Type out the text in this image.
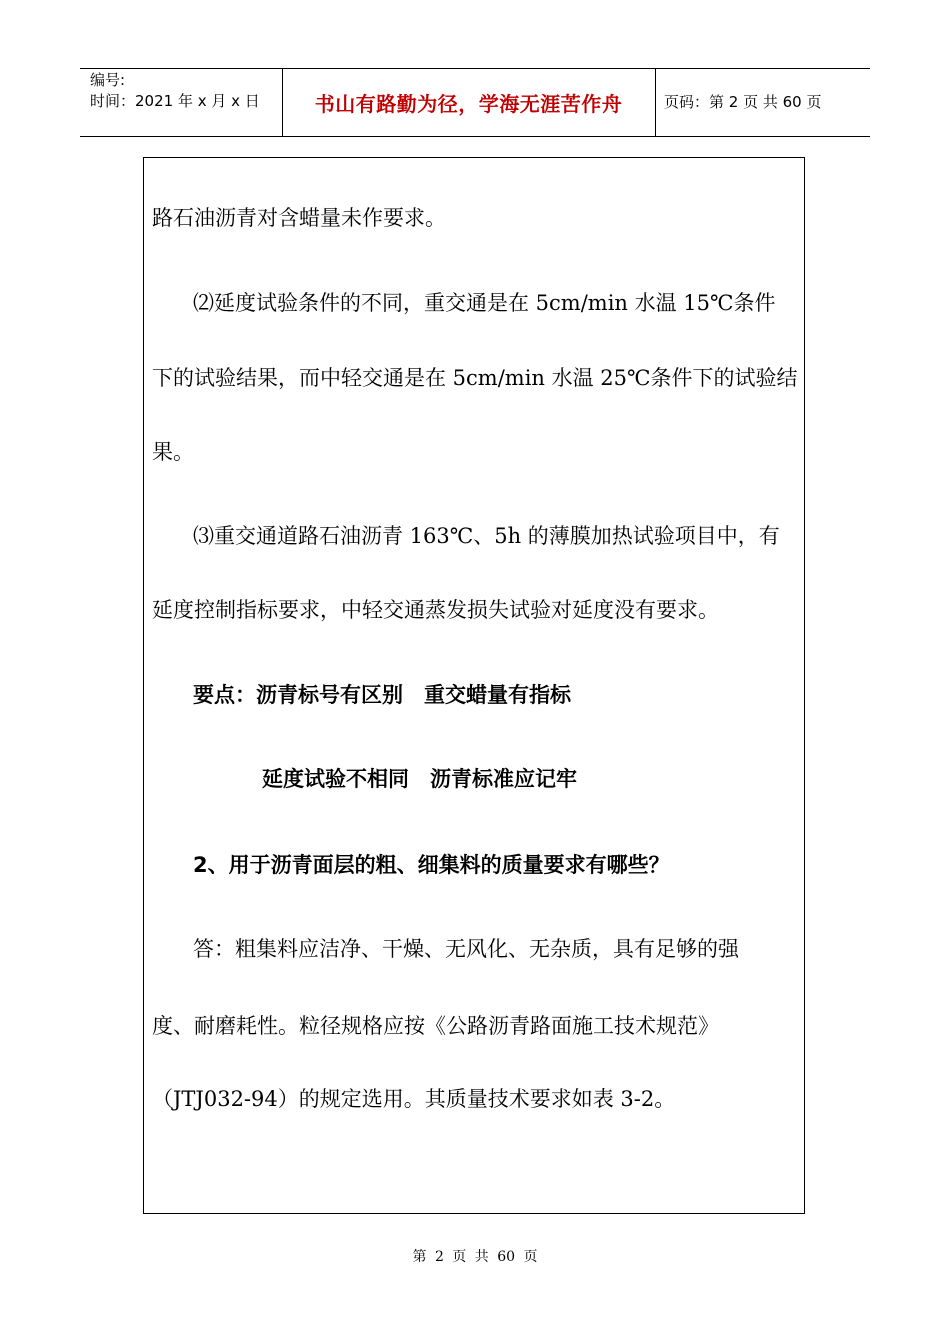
编号:
时间：2021 年 x 月 x 日	书山有路勤为径，学海无涯苦作舟	页码：第 2 页 共 60 页
路石油沥青对含蜡量未作要求。
⑵延度试验条件的不同，重交通是在 5cm/min 水温 15℃条件
下的试验结果，而中轻交通是在 5cm/min 水温 25℃条件下的试验结
果。
⑶重交通道路石油沥青 163℃、5h 的薄膜加热试验项目中，有
延度控制指标要求，中轻交通蒸发损失试验对延度没有要求。
要点：沥青标号有区别　重交蜡量有指标
延度试验不相同　沥青标准应记牢
2、用于沥青面层的粗、细集料的质量要求有哪些？
答：粗集料应洁净、干燥、无风化、无杂质，具有足够的强
度、耐磨耗性。粒径规格应按《公路沥青路面施工技术规范》
（JTJ032-94）的规定选用。其质量技术要求如表 3-2。
第 2 页 共 60 页
